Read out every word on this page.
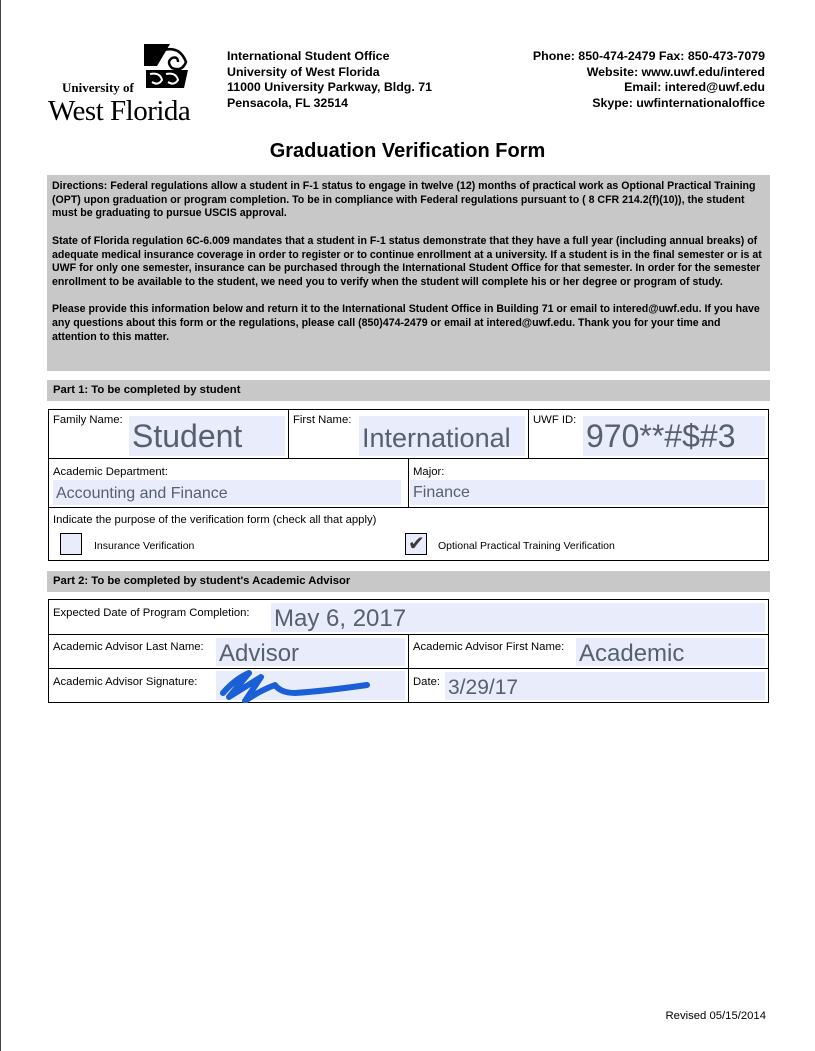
University of
West Florida
International Student Office
University of West Florida
11000 University Parkway, Bldg. 71
Pensacola, FL 32514
Phone: 850-474-2479 Fax: 850-473-7079
Website: www.uwf.edu/intered
Email: intered@uwf.edu
Skype: uwfinternationaloffice
Graduation Verification Form

Directions: Federal regulations allow a student in F-1 status to engage in twelve (12) months of practical work as Optional Practical Training (OPT) upon graduation or program completion. To be in compliance with Federal regulations pursuant to ( 8 CFR 214.2(f)(10)), the student must be graduating to pursue USCIS approval.

State of Florida regulation 6C-6.009 mandates that a student in F-1 status demonstrate that they have a full year (including annual breaks) of adequate medical insurance coverage in order to register or to continue enrollment at a university. If a student is in the final semester or is at UWF for only one semester, insurance can be purchased through the International Student Office for that semester. In order for the semester enrollment to be available to the student, we need you to verify when the student will complete his or her degree or program of study.

Please provide this information below and return it to the International Student Office in Building 71 or email to intered@uwf.edu. If you have any questions about this form or the regulations, please call (850)474-2479 or email at intered@uwf.edu. Thank you for your time and attention to this matter.

Part 1: To be completed by student
Family Name: Student	First Name:
International
UWF ID: 970**#$#3
Academic Department:
Accounting and Finance
Major:
Finance
Indicate the purpose of the verification form (check all that apply)
Insurance Verification	✔ Optional Practical Training Verification
Part 2: To be completed by student's Academic Advisor
Expected Date of Program Completion: May 6, 2017
Academic Advisor Last Name: Advisor	Academic Advisor First Name: Academic
Academic Advisor Signature:	Date: 3/29/17
Revised 05/15/2014
